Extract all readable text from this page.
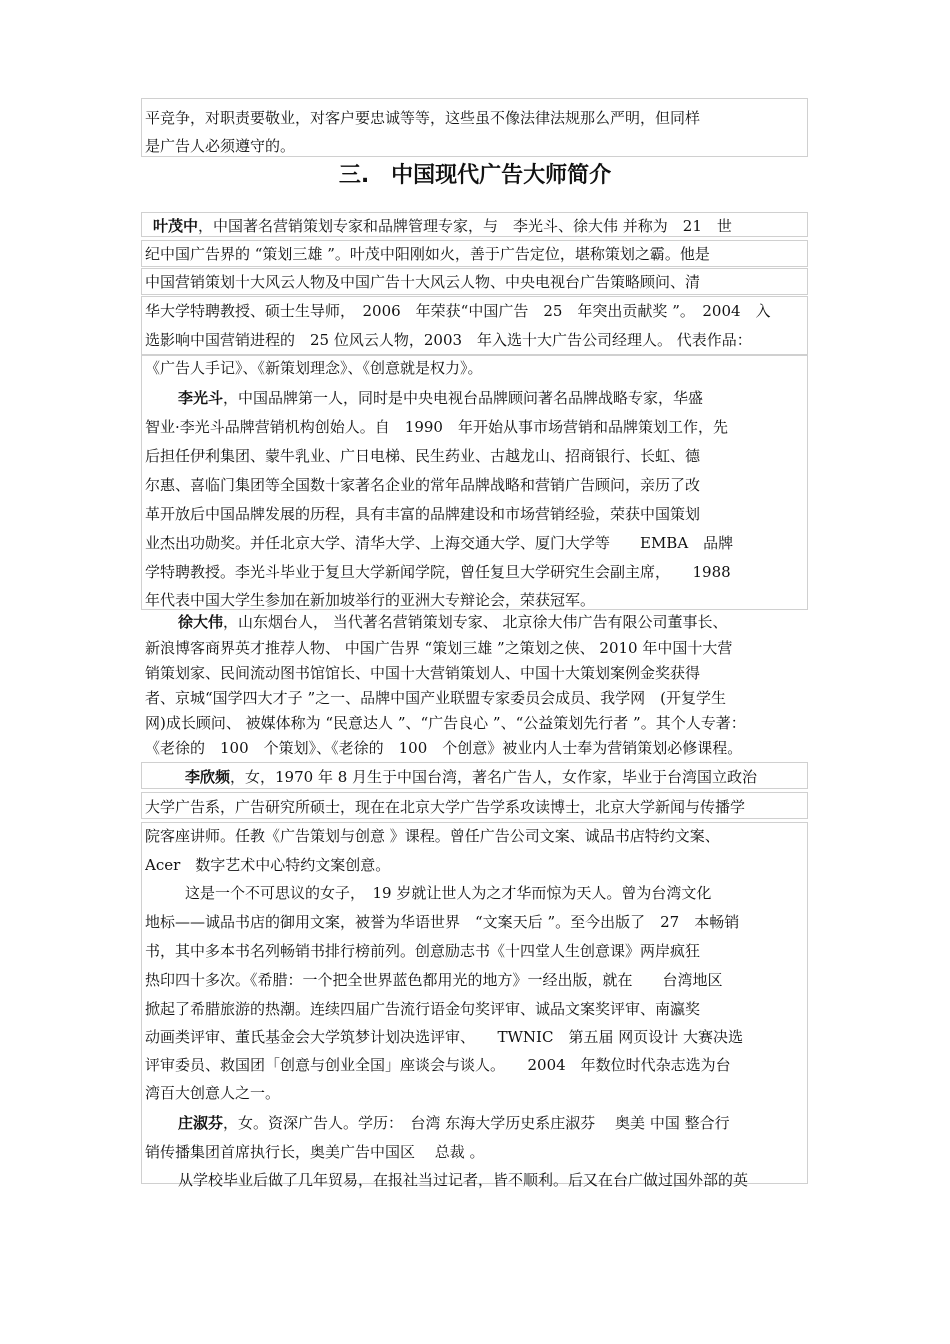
平竞争，对职责要敬业，对客户要忠诚等等，这些虽不像法律法规那么严明，但同样
是广告人必须遵守的。
三.　中国现代广告大师简介
叶茂中，中国著名营销策划专家和品牌管理专家，与　李光斗、徐大伟 并称为　21　世
纪中国广告界的 “策划三雄 ”。叶茂中阳刚如火，善于广告定位，堪称策划之霸。他是
中国营销策划十大风云人物及中国广告十大风云人物、中央电视台广告策略顾问、清
华大学特聘教授、硕士生导师，　2006　年荣获“中国广告　25　年突出贡献奖 ”。　2004　入
选影响中国营销进程的　25 位风云人物，2003　年入选十大广告公司经理人。 代表作品：
《广告人手记》、《新策划理念》、《创意就是权力》。
李光斗，中国品牌第一人，同时是中央电视台品牌顾问著名品牌战略专家，华盛
智业·李光斗品牌营销机构创始人。自　1990　年开始从事市场营销和品牌策划工作，先
后担任伊利集团、蒙牛乳业、广日电梯、民生药业、古越龙山、招商银行、长虹、德
尔惠、喜临门集团等全国数十家著名企业的常年品牌战略和营销广告顾问，亲历了改
革开放后中国品牌发展的历程，具有丰富的品牌建设和市场营销经验，荣获中国策划
业杰出功勋奖。并任北京大学、清华大学、上海交通大学、厦门大学等　　EMBA　品牌
学特聘教授。李光斗毕业于复旦大学新闻学院，曾任复旦大学研究生会副主席，　　1988
年代表中国大学生参加在新加坡举行的亚洲大专辩论会，荣获冠军。
徐大伟，山东烟台人， 当代著名营销策划专家、 北京徐大伟广告有限公司董事长、
新浪博客商界英才推荐人物、 中国广告界 “策划三雄 ”之策划之侠、 2010 年中国十大营
销策划家、民间流动图书馆馆长、中国十大营销策划人、中国十大策划案例金奖获得
者、京城“国学四大才子 ”之一、品牌中国产业联盟专家委员会成员、我学网　(开复学生
网)成长顾问、 被媒体称为 “民意达人 ”、“广告良心 ”、“公益策划先行者 ”。其个人专著：
《老徐的　100　个策划》、《老徐的　100　个创意》被业内人士奉为营销策划必修课程。
李欣频，女，1970 年 8 月生于中国台湾，著名广告人，女作家，毕业于台湾国立政治
大学广告系，广告研究所硕士，现在在北京大学广告学系攻读博士，北京大学新闻与传播学
院客座讲师。任教《广告策划与创意 》课程。曾任广告公司文案、诚品书店特约文案、
Acer　数字艺术中心特约文案创意。
这是一个不可思议的女子，　19 岁就让世人为之才华而惊为天人。曾为台湾文化
地标——诚品书店的御用文案，被誉为华语世界　“文案天后 ”。至今出版了　27　本畅销
书，其中多本书名列畅销书排行榜前列。创意励志书《十四堂人生创意课》两岸疯狂
热印四十多次。《希腊：一个把全世界蓝色都用光的地方》一经出版，就在　　台湾地区
掀起了希腊旅游的热潮。连续四届广告流行语金句奖评审、诚品文案奖评审、南瀛奖
动画类评审、董氏基金会大学筑梦计划决选评审、　　TWNIC　第五届 网页设计 大赛决选
评审委员、救国团「创意与创业全国」座谈会与谈人。　　2004　年数位时代杂志选为台
湾百大创意人之一。
庄淑芬，女。资深广告人。学历：　台湾 东海大学历史系庄淑芬　 奥美 中国 整合行
销传播集团首席执行长，奥美广告中国区　 总裁 。
从学校毕业后做了几年贸易，在报社当过记者，皆不顺利。后又在台广做过国外部的英
